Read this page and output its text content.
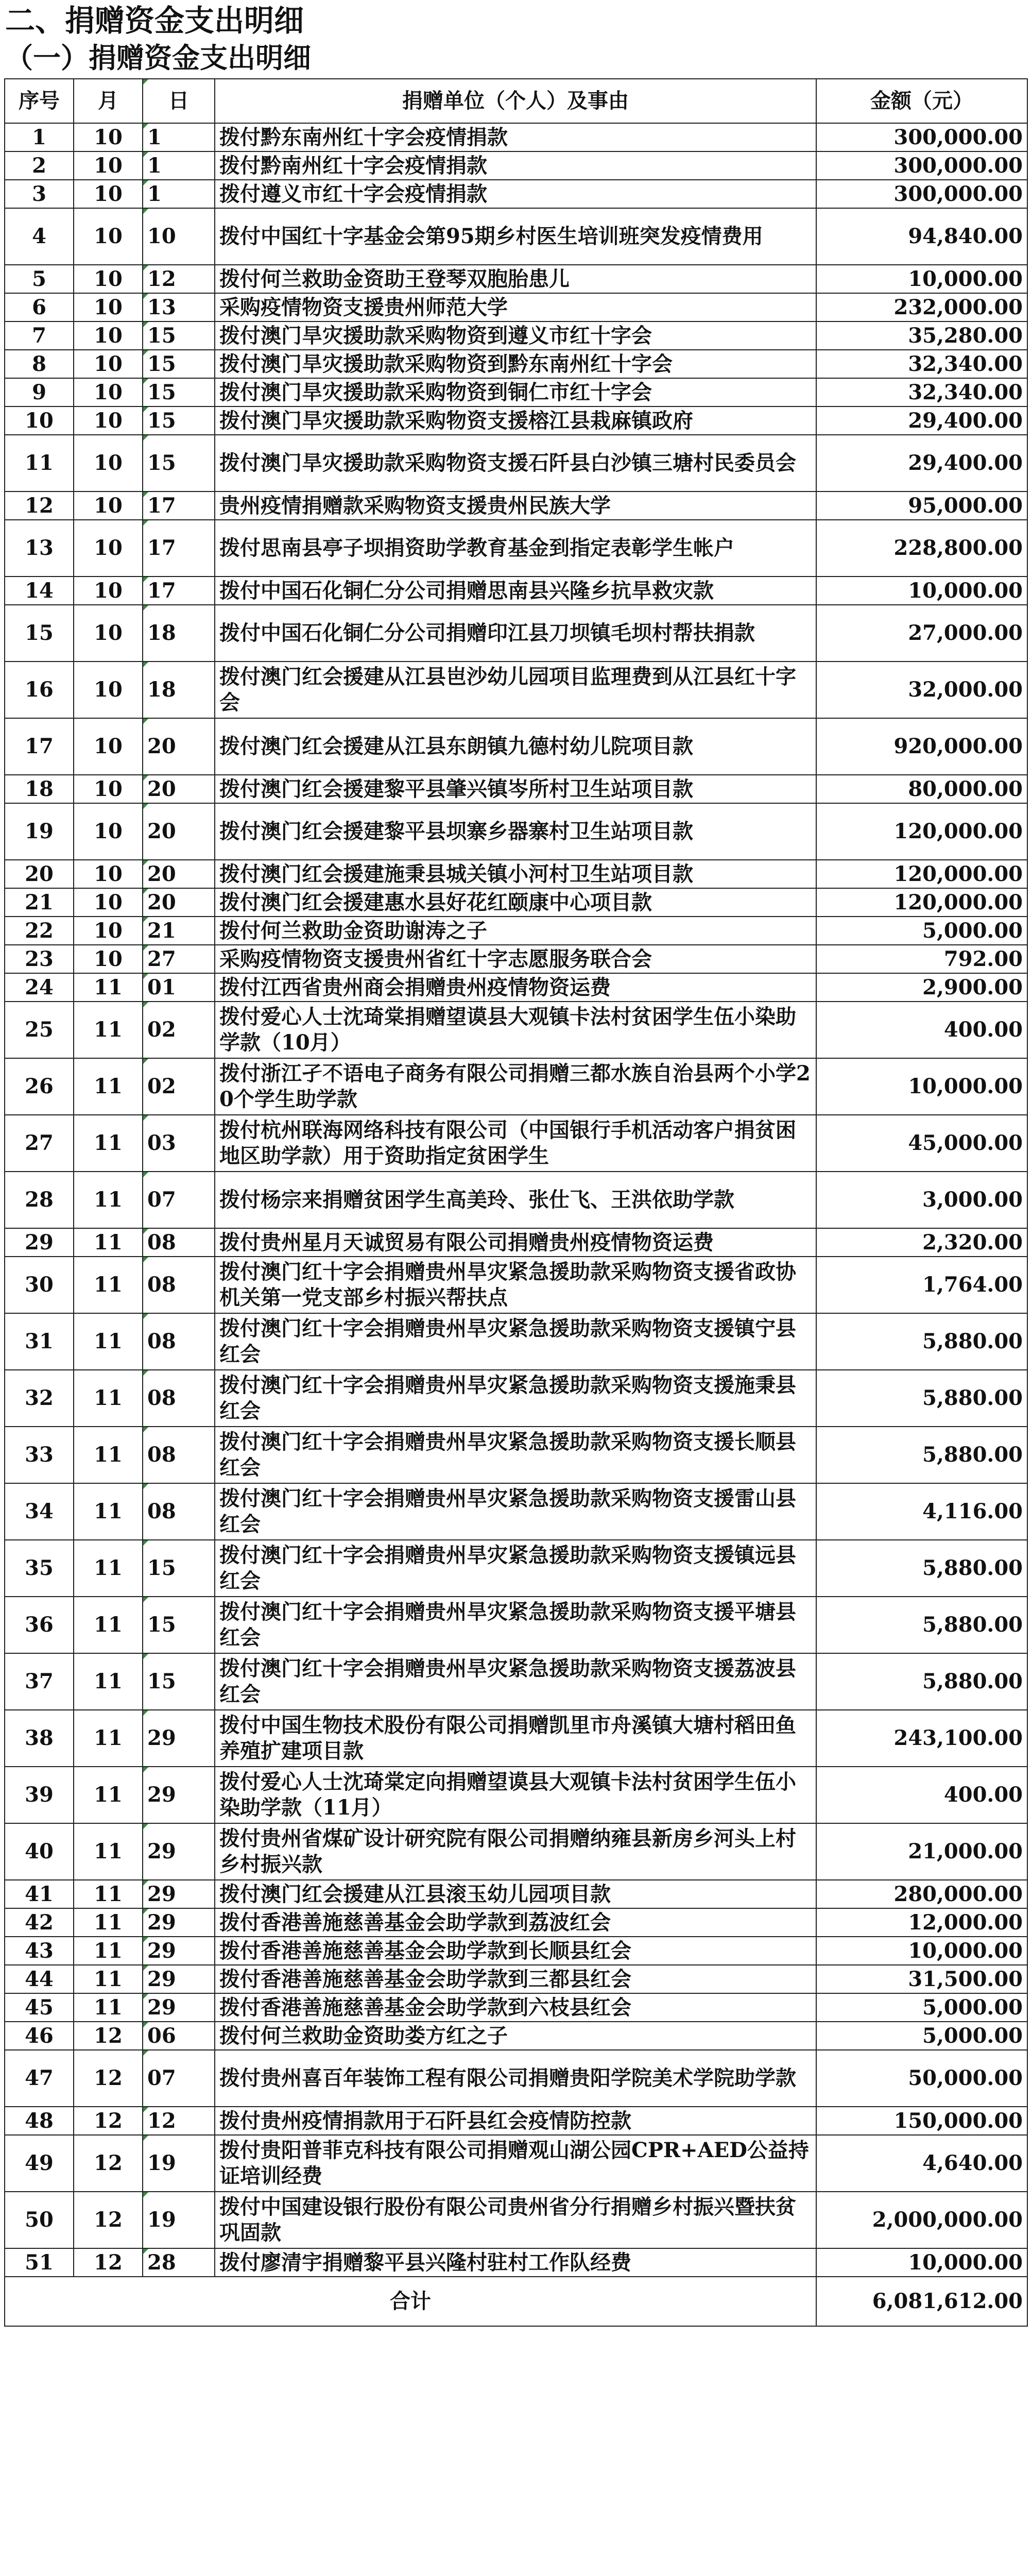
二、捐赠资金支出明细
（一）捐赠资金支出明细
序号	月	日	捐赠单位（个人）及事由	金额（元）
1	10	1	拨付黔东南州红十字会疫情捐款	300,000.00
2	10	1	拨付黔南州红十字会疫情捐款	300,000.00
3	10	1	拨付遵义市红十字会疫情捐款	300,000.00
4	10	10	拨付中国红十字基金会第95期乡村医生培训班突发疫情费用	94,840.00
5	10	12	拨付何兰救助金资助王登琴双胞胎患儿	10,000.00
6	10	13	采购疫情物资支援贵州师范大学	232,000.00
7	10	15	拨付澳门旱灾援助款采购物资到遵义市红十字会	35,280.00
8	10	15	拨付澳门旱灾援助款采购物资到黔东南州红十字会	32,340.00
9	10	15	拨付澳门旱灾援助款采购物资到铜仁市红十字会	32,340.00
10	10	15	拨付澳门旱灾援助款采购物资支援榕江县栽麻镇政府	29,400.00
11	10	15	拨付澳门旱灾援助款采购物资支援石阡县白沙镇三塘村民委员会	29,400.00
12	10	17	贵州疫情捐赠款采购物资支援贵州民族大学	95,000.00
13	10	17	拨付思南县亭子坝捐资助学教育基金到指定表彰学生帐户	228,800.00
14	10	17	拨付中国石化铜仁分公司捐赠思南县兴隆乡抗旱救灾款	10,000.00
15	10	18	拨付中国石化铜仁分公司捐赠印江县刀坝镇毛坝村帮扶捐款	27,000.00
16	10	18	拨付澳门红会援建从江县岜沙幼儿园项目监理费到从江县红十字会	32,000.00
17	10	20	拨付澳门红会援建从江县东朗镇九德村幼儿院项目款	920,000.00
18	10	20	拨付澳门红会援建黎平县肇兴镇岑所村卫生站项目款	80,000.00
19	10	20	拨付澳门红会援建黎平县坝寨乡器寨村卫生站项目款	120,000.00
20	10	20	拨付澳门红会援建施秉县城关镇小河村卫生站项目款	120,000.00
21	10	20	拨付澳门红会援建惠水县好花红颐康中心项目款	120,000.00
22	10	21	拨付何兰救助金资助谢涛之子	5,000.00
23	10	27	采购疫情物资支援贵州省红十字志愿服务联合会	792.00
24	11	01	拨付江西省贵州商会捐赠贵州疫情物资运费	2,900.00
25	11	02	拨付爱心人士沈琦棠捐赠望谟县大观镇卡法村贫困学生伍小染助学款（10月）	400.00
26	11	02	拨付浙江孑不语电子商务有限公司捐赠三都水族自治县两个小学20个学生助学款	10,000.00
27	11	03	拨付杭州联海网络科技有限公司（中国银行手机活动客户捐贫困地区助学款）用于资助指定贫困学生	45,000.00
28	11	07	拨付杨宗来捐赠贫困学生高美玲、张仕飞、王洪依助学款	3,000.00
29	11	08	拨付贵州星月天诚贸易有限公司捐赠贵州疫情物资运费	2,320.00
30	11	08	拨付澳门红十字会捐赠贵州旱灾紧急援助款采购物资支援省政协机关第一党支部乡村振兴帮扶点	1,764.00
31	11	08	拨付澳门红十字会捐赠贵州旱灾紧急援助款采购物资支援镇宁县红会	5,880.00
32	11	08	拨付澳门红十字会捐赠贵州旱灾紧急援助款采购物资支援施秉县红会	5,880.00
33	11	08	拨付澳门红十字会捐赠贵州旱灾紧急援助款采购物资支援长顺县红会	5,880.00
34	11	08	拨付澳门红十字会捐赠贵州旱灾紧急援助款采购物资支援雷山县红会	4,116.00
35	11	15	拨付澳门红十字会捐赠贵州旱灾紧急援助款采购物资支援镇远县红会	5,880.00
36	11	15	拨付澳门红十字会捐赠贵州旱灾紧急援助款采购物资支援平塘县红会	5,880.00
37	11	15	拨付澳门红十字会捐赠贵州旱灾紧急援助款采购物资支援荔波县红会	5,880.00
38	11	29	拨付中国生物技术股份有限公司捐赠凯里市舟溪镇大塘村稻田鱼养殖扩建项目款	243,100.00
39	11	29	拨付爱心人士沈琦棠定向捐赠望谟县大观镇卡法村贫困学生伍小染助学款（11月）	400.00
40	11	29	拨付贵州省煤矿设计研究院有限公司捐赠纳雍县新房乡河头上村乡村振兴款	21,000.00
41	11	29	拨付澳门红会援建从江县滚玉幼儿园项目款	280,000.00
42	11	29	拨付香港善施慈善基金会助学款到荔波红会	12,000.00
43	11	29	拨付香港善施慈善基金会助学款到长顺县红会	10,000.00
44	11	29	拨付香港善施慈善基金会助学款到三都县红会	31,500.00
45	11	29	拨付香港善施慈善基金会助学款到六枝县红会	5,000.00
46	12	06	拨付何兰救助金资助娄方红之子	5,000.00
47	12	07	拨付贵州喜百年装饰工程有限公司捐赠贵阳学院美术学院助学款	50,000.00
48	12	12	拨付贵州疫情捐款用于石阡县红会疫情防控款	150,000.00
49	12	19	拨付贵阳普菲克科技有限公司捐赠观山湖公园CPR+AED公益持证培训经费	4,640.00
50	12	19	拨付中国建设银行股份有限公司贵州省分行捐赠乡村振兴暨扶贫巩固款	2,000,000.00
51	12	28	拨付廖清宇捐赠黎平县兴隆村驻村工作队经费	10,000.00
合计				6,081,612.00
